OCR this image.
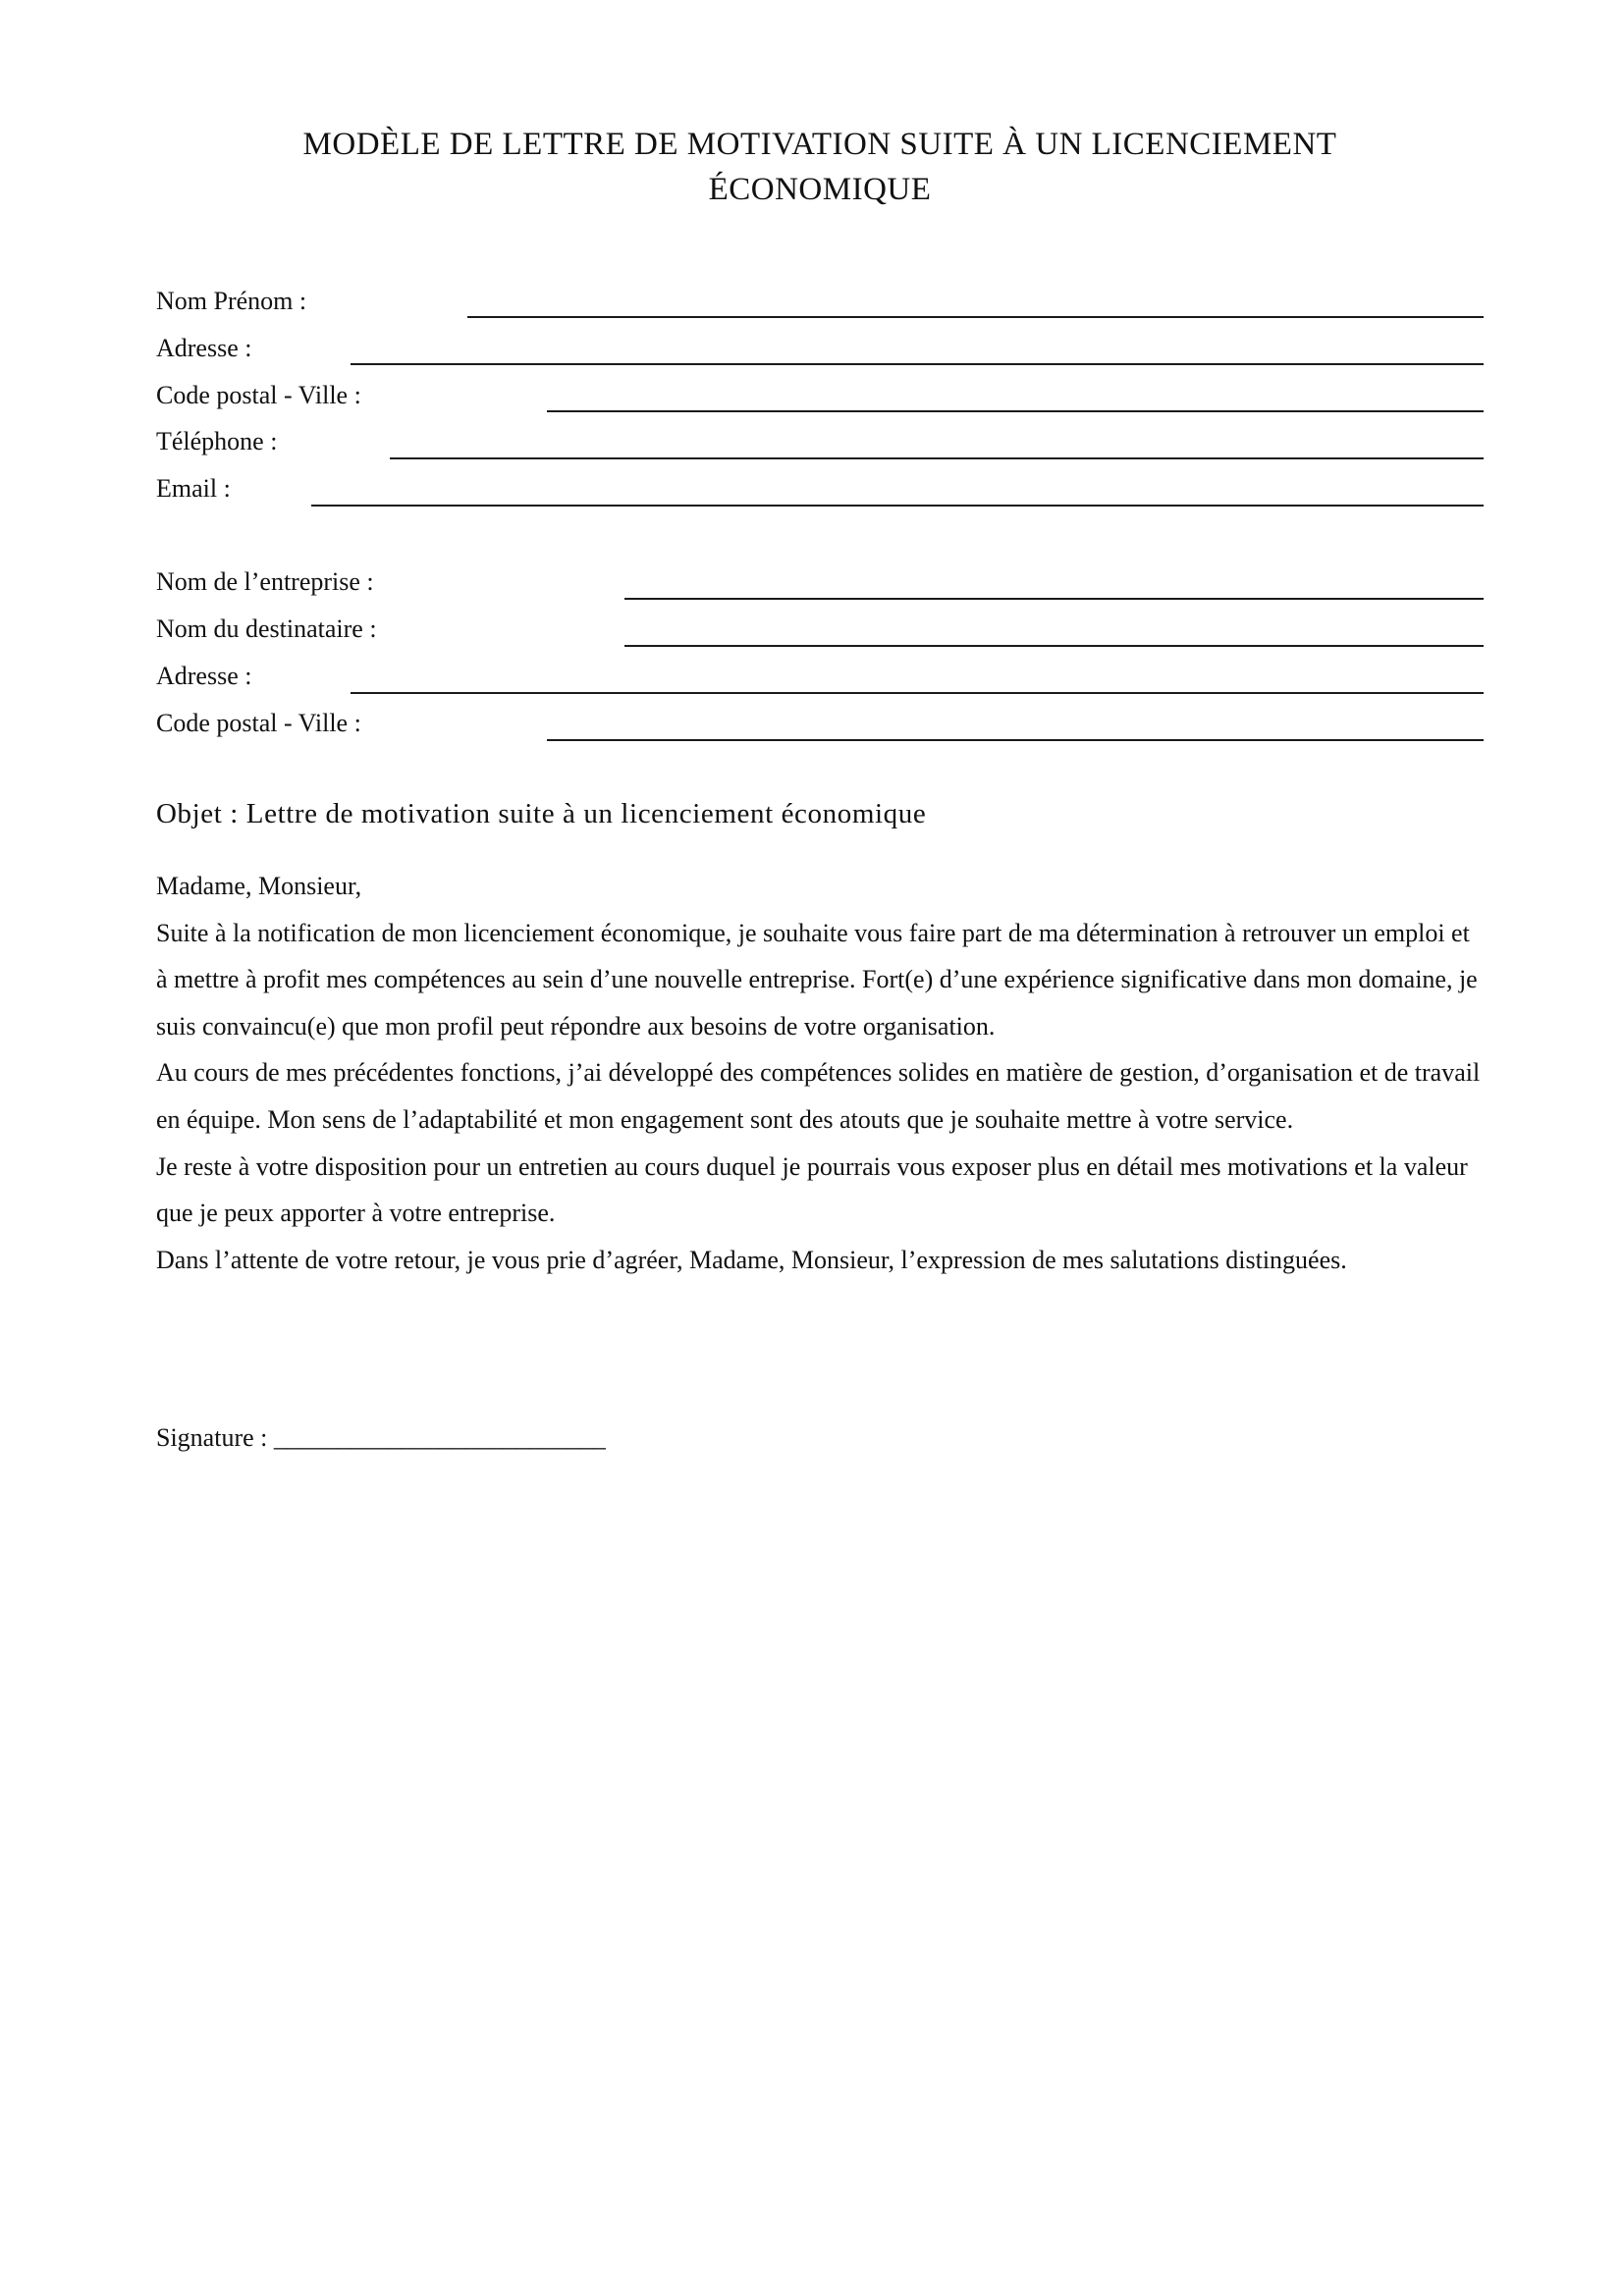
MODÈLE DE LETTRE DE MOTIVATION SUITE À UN LICENCIEMENT
ÉCONOMIQUE
Nom Prénom :
Adresse :
Code postal - Ville :
Téléphone :
Email :
Nom de l’entreprise :
Nom du destinataire :
Adresse :
Code postal - Ville :
Objet : Lettre de motivation suite à un licenciement économique

Madame, Monsieur,

Suite à la notification de mon licenciement économique, je souhaite vous faire part de ma détermination à retrouver un emploi et à mettre à profit mes compétences au sein d’une nouvelle entreprise. Fort(e) d’une expérience significative dans mon domaine, je suis convaincu(e) que mon profil peut répondre aux besoins de votre organisation.

Au cours de mes précédentes fonctions, j’ai développé des compétences solides en matière de gestion, d’organisation et de travail en équipe. Mon sens de l’adaptabilité et mon engagement sont des atouts que je souhaite mettre à votre service.

Je reste à votre disposition pour un entretien au cours duquel je pourrais vous exposer plus en détail mes motivations et la valeur que je peux apporter à votre entreprise.

Dans l’attente de votre retour, je vous prie d’agréer, Madame, Monsieur, l’expression de mes salutations distinguées.

Signature : __________________________
